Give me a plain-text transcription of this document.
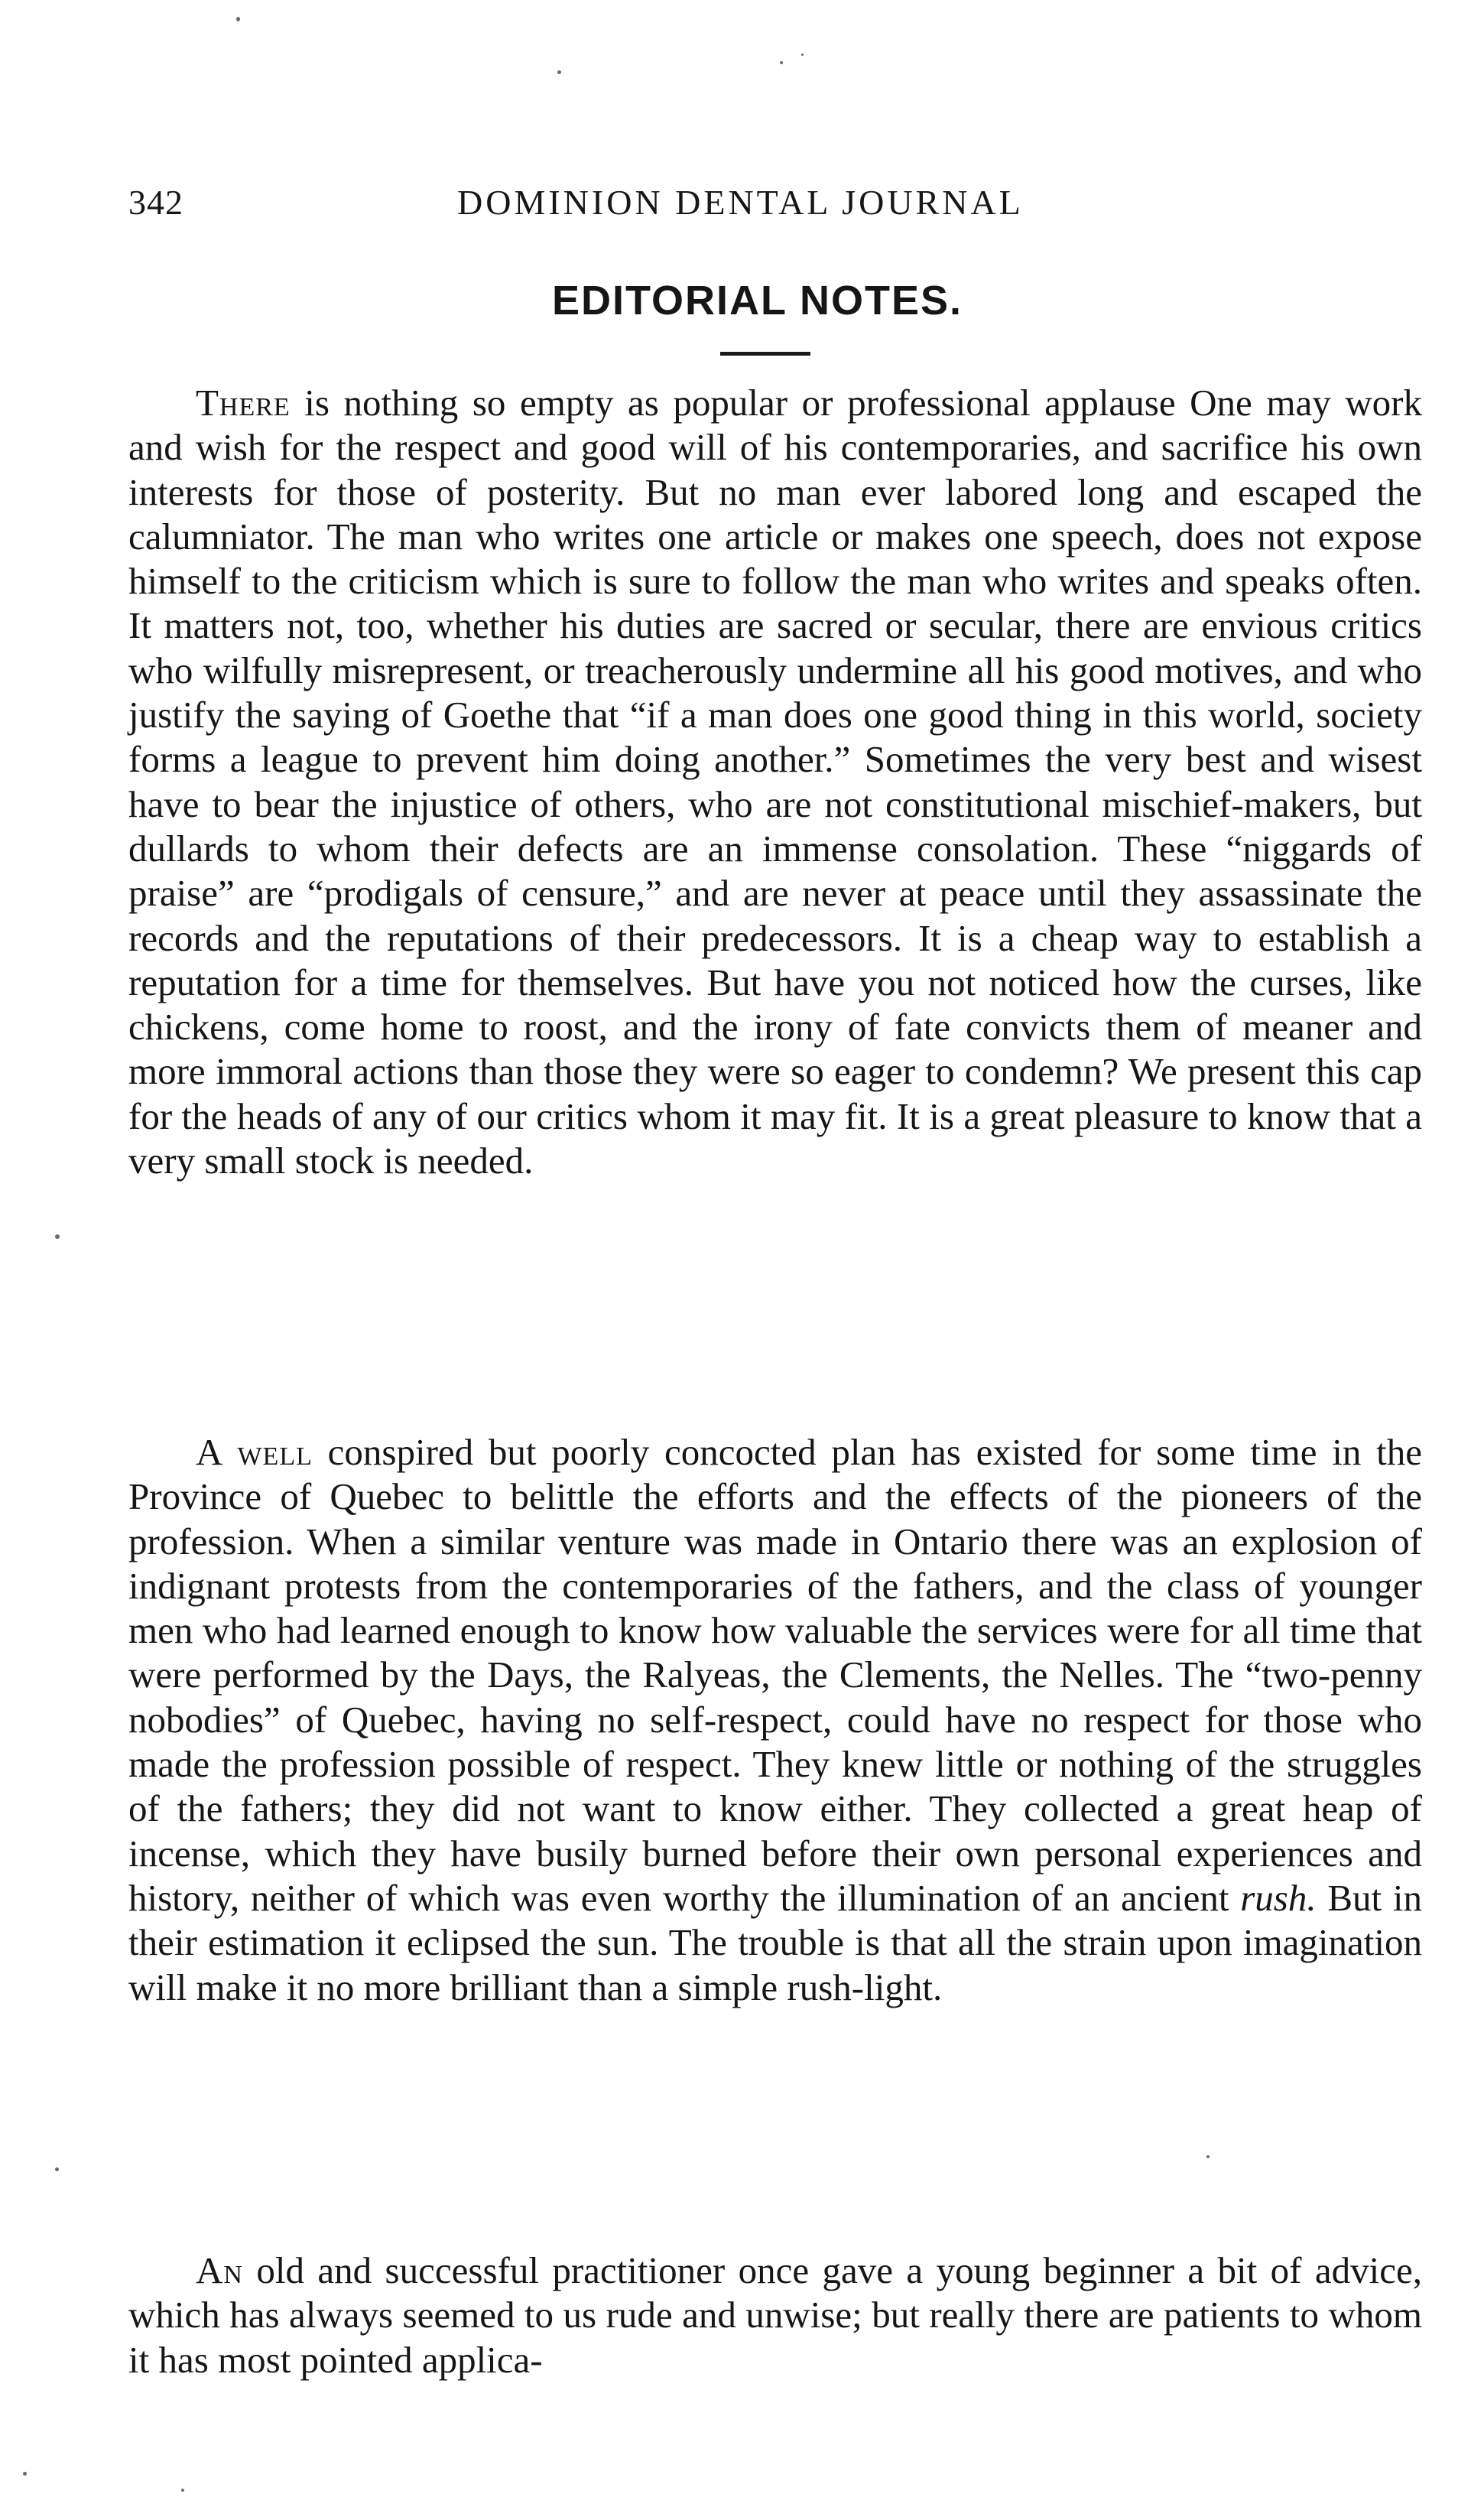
342	DOMINION DENTAL JOURNAL
EDITORIAL NOTES.

There is nothing so empty as popular or professional applause One may work and wish for the respect and good will of his contemporaries, and sacrifice his own interests for those of posterity. But no man ever labored long and escaped the calumniator. The man who writes one article or makes one speech, does not expose himself to the criticism which is sure to follow the man who writes and speaks often. It matters not, too, whether his duties are sacred or secular, there are envious critics who wilfully misrepresent, or treacherously undermine all his good motives, and who justify the saying of Goethe that “if a man does one good thing in this world, society forms a league to prevent him doing another.” Sometimes the very best and wisest have to bear the injustice of others, who are not constitutional mischief-makers, but dullards to whom their defects are an immense consolation. These “niggards of praise” are “prodigals of censure,” and are never at peace until they assassinate the records and the reputations of their predecessors. It is a cheap way to establish a reputation for a time for themselves. But have you not noticed how the curses, like chickens, come home to roost, and the irony of fate convicts them of meaner and more immoral actions than those they were so eager to condemn? We present this cap for the heads of any of our critics whom it may fit. It is a great pleasure to know that a very small stock is needed.

A well conspired but poorly concocted plan has existed for some time in the Province of Quebec to belittle the efforts and the effects of the pioneers of the profession. When a similar venture was made in Ontario there was an explosion of indignant protests from the contemporaries of the fathers, and the class of younger men who had learned enough to know how valuable the services were for all time that were performed by the Days, the Ralyeas, the Clements, the Nelles. The “two-penny nobodies” of Quebec, having no self-respect, could have no respect for those who made the profession possible of respect. They knew little or nothing of the struggles of the fathers; they did not want to know either. They collected a great heap of incense, which they have busily burned before their own personal experiences and history, neither of which was even worthy the illumination of an ancient rush. But in their estimation it eclipsed the sun. The trouble is that all the strain upon imagination will make it no more brilliant than a simple rush-light.

An old and successful practitioner once gave a young beginner a bit of advice, which has always seemed to us rude and unwise; but really there are patients to whom it has most pointed applica-
